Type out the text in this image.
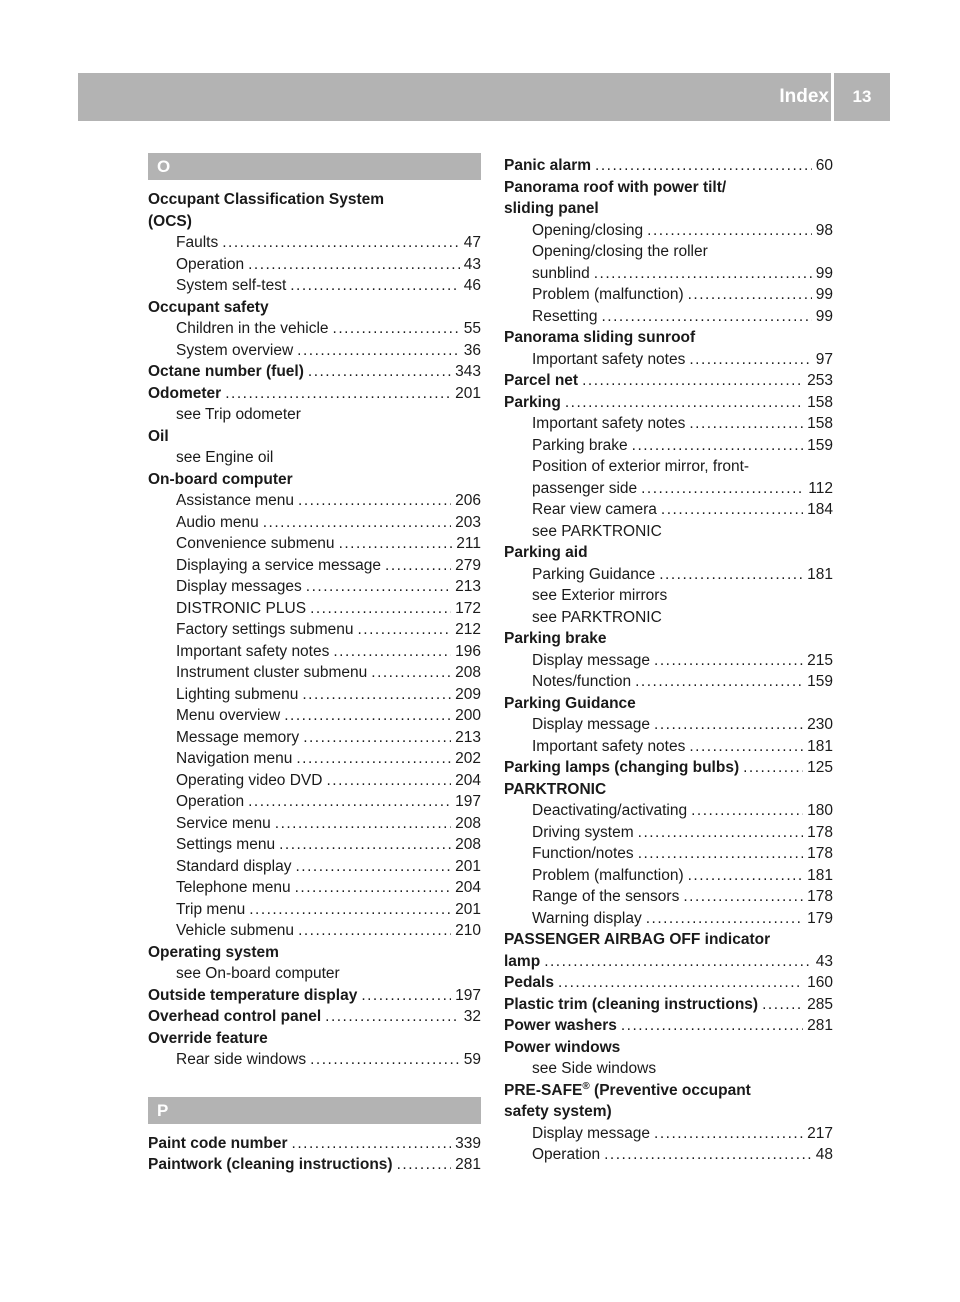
Index	13
O
Occupant Classification System
(OCS)
Faults .....	47
Operation .....	43
System self-test .....	46
Occupant safety
Children in the vehicle .....	55
System overview .....	36
Octane number (fuel) .....	343
Odometer .....	201
see Trip odometer
Oil
see Engine oil
On-board computer
Assistance menu .....	206
Audio menu .....	203
Convenience submenu .....	211
Displaying a service message .....	279
Display messages .....	213
DISTRONIC PLUS .....	172
Factory settings submenu .....	212
Important safety notes .....	196
Instrument cluster submenu .....	208
Lighting submenu .....	209
Menu overview .....	200
Message memory .....	213
Navigation menu .....	202
Operating video DVD .....	204
Operation .....	197
Service menu .....	208
Settings menu .....	208
Standard display .....	201
Telephone menu .....	204
Trip menu .....	201
Vehicle submenu .....	210
Operating system
see On-board computer
Outside temperature display .....	197
Overhead control panel .....	32
Override feature
Rear side windows .....	59
P
Paint code number .....	339
Paintwork (cleaning instructions) .....	281
Panic alarm .....	60
Panorama roof with power tilt/
sliding panel
Opening/closing .....	98
Opening/closing the roller
sunblind .....	99
Problem (malfunction) .....	99
Resetting .....	99
Panorama sliding sunroof
Important safety notes .....	97
Parcel net .....	253
Parking .....	158
Important safety notes .....	158
Parking brake .....	159
Position of exterior mirror, front-
passenger side .....	112
Rear view camera .....	184
see PARKTRONIC
Parking aid
Parking Guidance .....	181
see Exterior mirrors
see PARKTRONIC
Parking brake
Display message .....	215
Notes/function .....	159
Parking Guidance
Display message .....	230
Important safety notes .....	181
Parking lamps (changing bulbs) .....	125
PARKTRONIC
Deactivating/activating .....	180
Driving system .....	178
Function/notes .....	178
Problem (malfunction) .....	181
Range of the sensors .....	178
Warning display .....	179
PASSENGER AIRBAG OFF indicator
lamp .....	43
Pedals .....	160
Plastic trim (cleaning instructions) .....	285
Power washers .....	281
Power windows
see Side windows
PRE-SAFE® (Preventive occupant
safety system)
Display message .....	217
Operation .....	48
